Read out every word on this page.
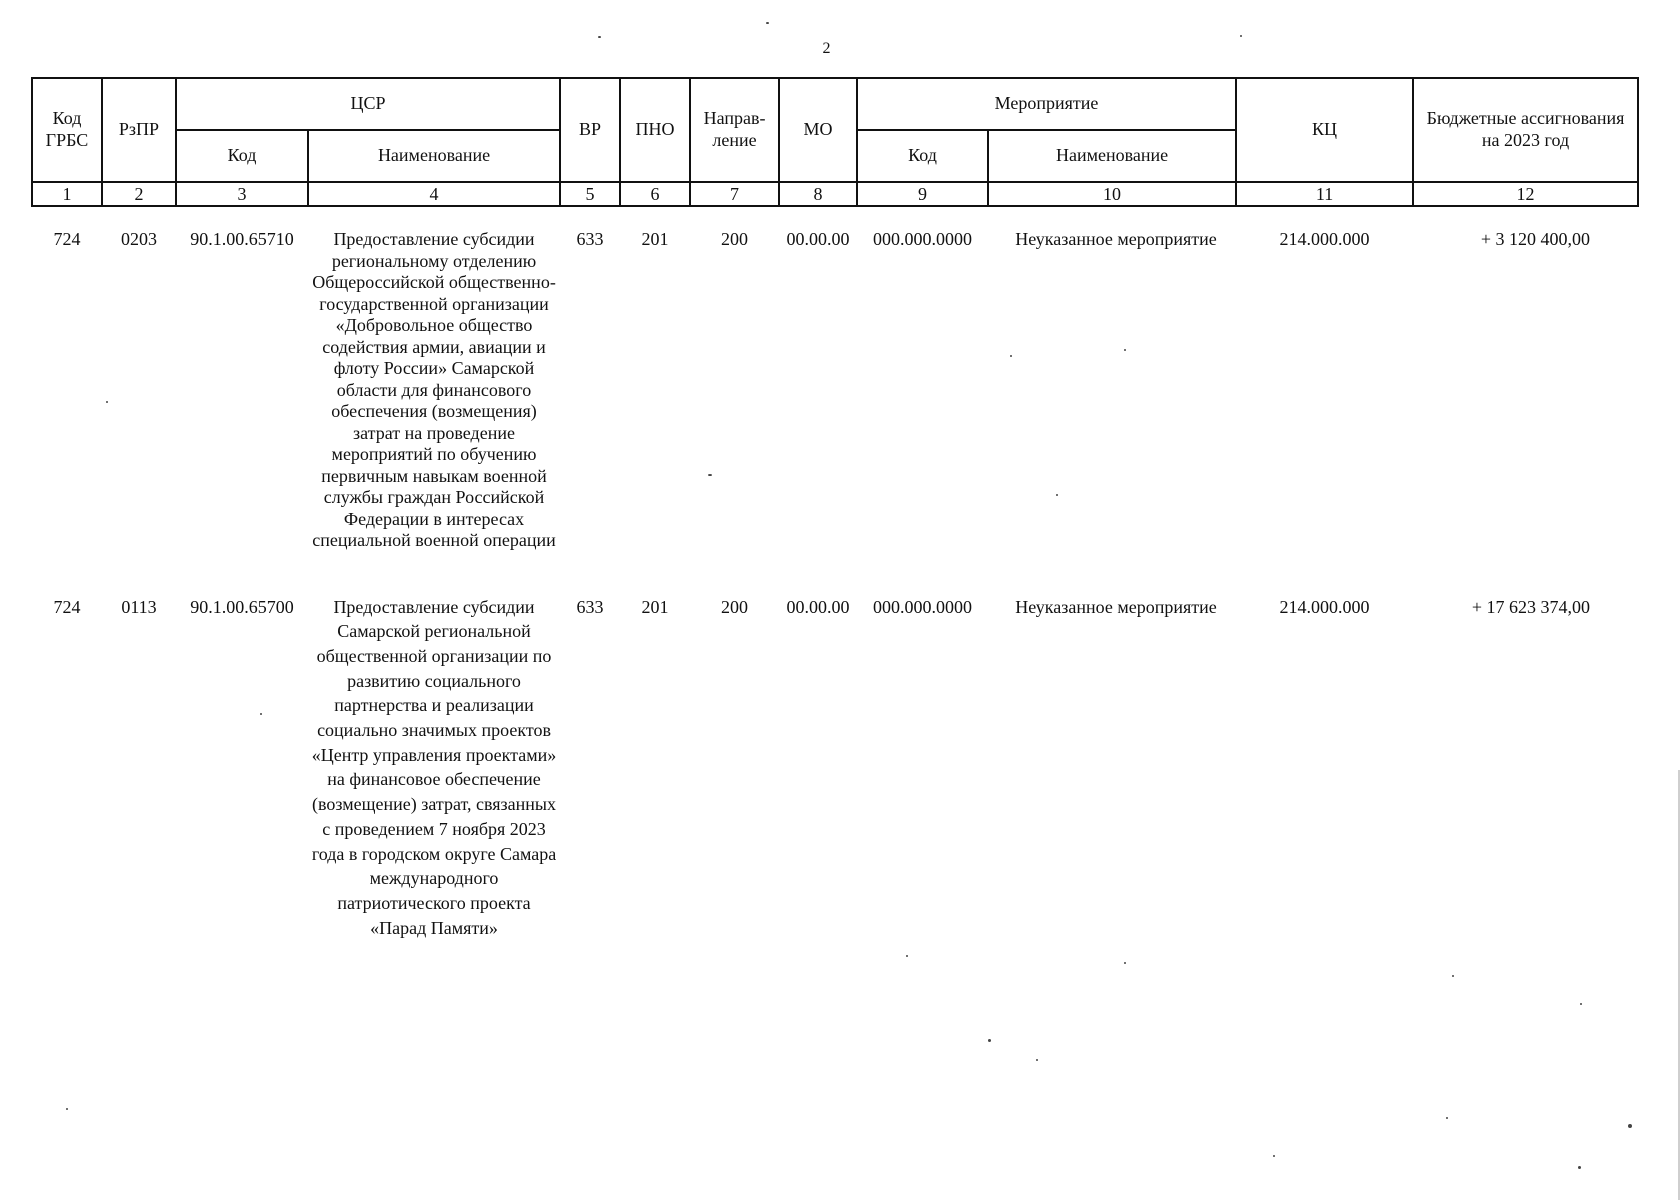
2
Код ГРБС	РзПР	ЦСР		ВР	ПНО	Направ-ление	МО	Мероприятие		КЦ	Бюджетные ассигнования на 2023 год
		Код	Наименование					Код	Наименование		
1	2	3	4	5	6	7	8	9	10	11	12

724	0203	90.1.00.65710	Предоставление субсидии региональному отделению Общероссийской общественно-государственной организации «Добровольное общество содействия армии, авиации и флоту России» Самарской области для финансового обеспечения (возмещения) затрат на проведение мероприятий по обучению первичным навыкам военной службы граждан Российской Федерации в интересах специальной военной операции	633	201	200	00.00.00	000.000.0000	Неуказанное мероприятие	214.000.000	+ 3 120 400,00
724	0113	90.1.00.65700	Предоставление субсидии Самарской региональной общественной организации по развитию социального партнерства и реализации социально значимых проектов «Центр управления проектами» на финансовое обеспечение (возмещение) затрат, связанных с проведением 7 ноября 2023 года в городском округе Самара международного патриотического проекта «Парад Памяти»	633	201	200	00.00.00	000.000.0000	Неуказанное мероприятие	214.000.000	+ 17 623 374,00
